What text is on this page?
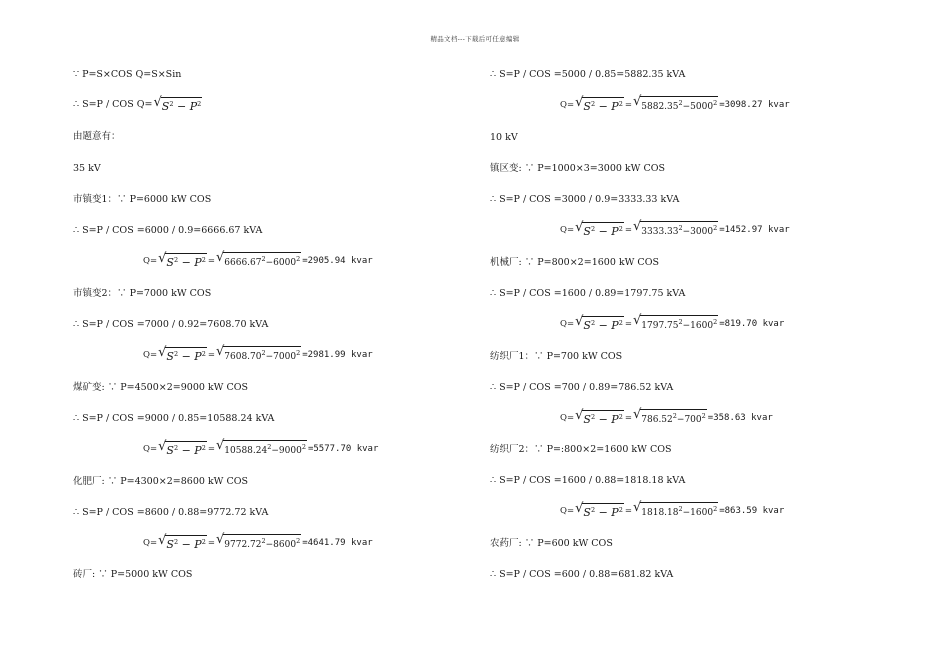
精品文档---下载后可任意编辑
∵ P=S×COS Q=S×Sin
∴ S=P / COS Q= √ $S^2 - P^2$
由题意有：
35 kV
市镇变1：∵ P=6000 kW COS
∴ S=P / COS =6000 / 0.9=6666.67 kVA
Q= √ $S^2 - P^2$ = √ $6666.67^2-6000^2 =2905.94$ kvar
市镇变2：∵ P=7000 kW COS
∴ S=P / COS =7000 / 0.92=7608.70 kVA
Q= √ $S^2 - P^2$ = √ $7608.70^2-7000^2 =2981.99$ kvar
煤矿变: ∵ P=4500×2=9000 kW COS
∴ S=P / COS =9000 / 0.85=10588.24 kVA
Q= √ $S^2 - P^2$ = √ $10588.24^2-9000^2 =5577.70$ kvar
化肥厂: ∵ P=4300×2=8600 kW COS
∴ S=P / COS =8600 / 0.88=9772.72 kVA
Q= √ $S^2 - P^2$ = √ $9772.72^2-8600^2 =4641.79$ kvar
砖厂: ∵ P=5000 kW COS
∴ S=P / COS =5000 / 0.85=5882.35 kVA
Q= √ $S^2 - P^2$ = √ $5882.35^2-5000^2 =3098.27$ kvar
10 kV
镇区变: ∵ P=1000×3=3000 kW COS
∴ S=P / COS =3000 / 0.9=3333.33 kVA
Q= √ $S^2 - P^2$ = √ $3333.33^2-3000^2 =1452.97$ kvar
机械厂: ∵ P=800×2=1600 kW COS
∴ S=P / COS =1600 / 0.89=1797.75 kVA
Q= √ $S^2 - P^2$ = √ $1797.75^2-1600^2 =819.70$ kvar
纺织厂1：∵ P=700 kW COS
∴ S=P / COS =700 / 0.89=786.52 kVA
Q= √ $S^2 - P^2$ = √ $786.52^2-700^2 =358.63$ kvar
纺织厂2：∵ P=:800×2=1600 kW COS
∴ S=P / COS =1600 / 0.88=1818.18 kVA
Q= √ $S^2 - P^2$ = √ $1818.18^2-1600^2 =863.59$ kvar
农药厂: ∵ P=600 kW COS
∴ S=P / COS =600 / 0.88=681.82 kVA
